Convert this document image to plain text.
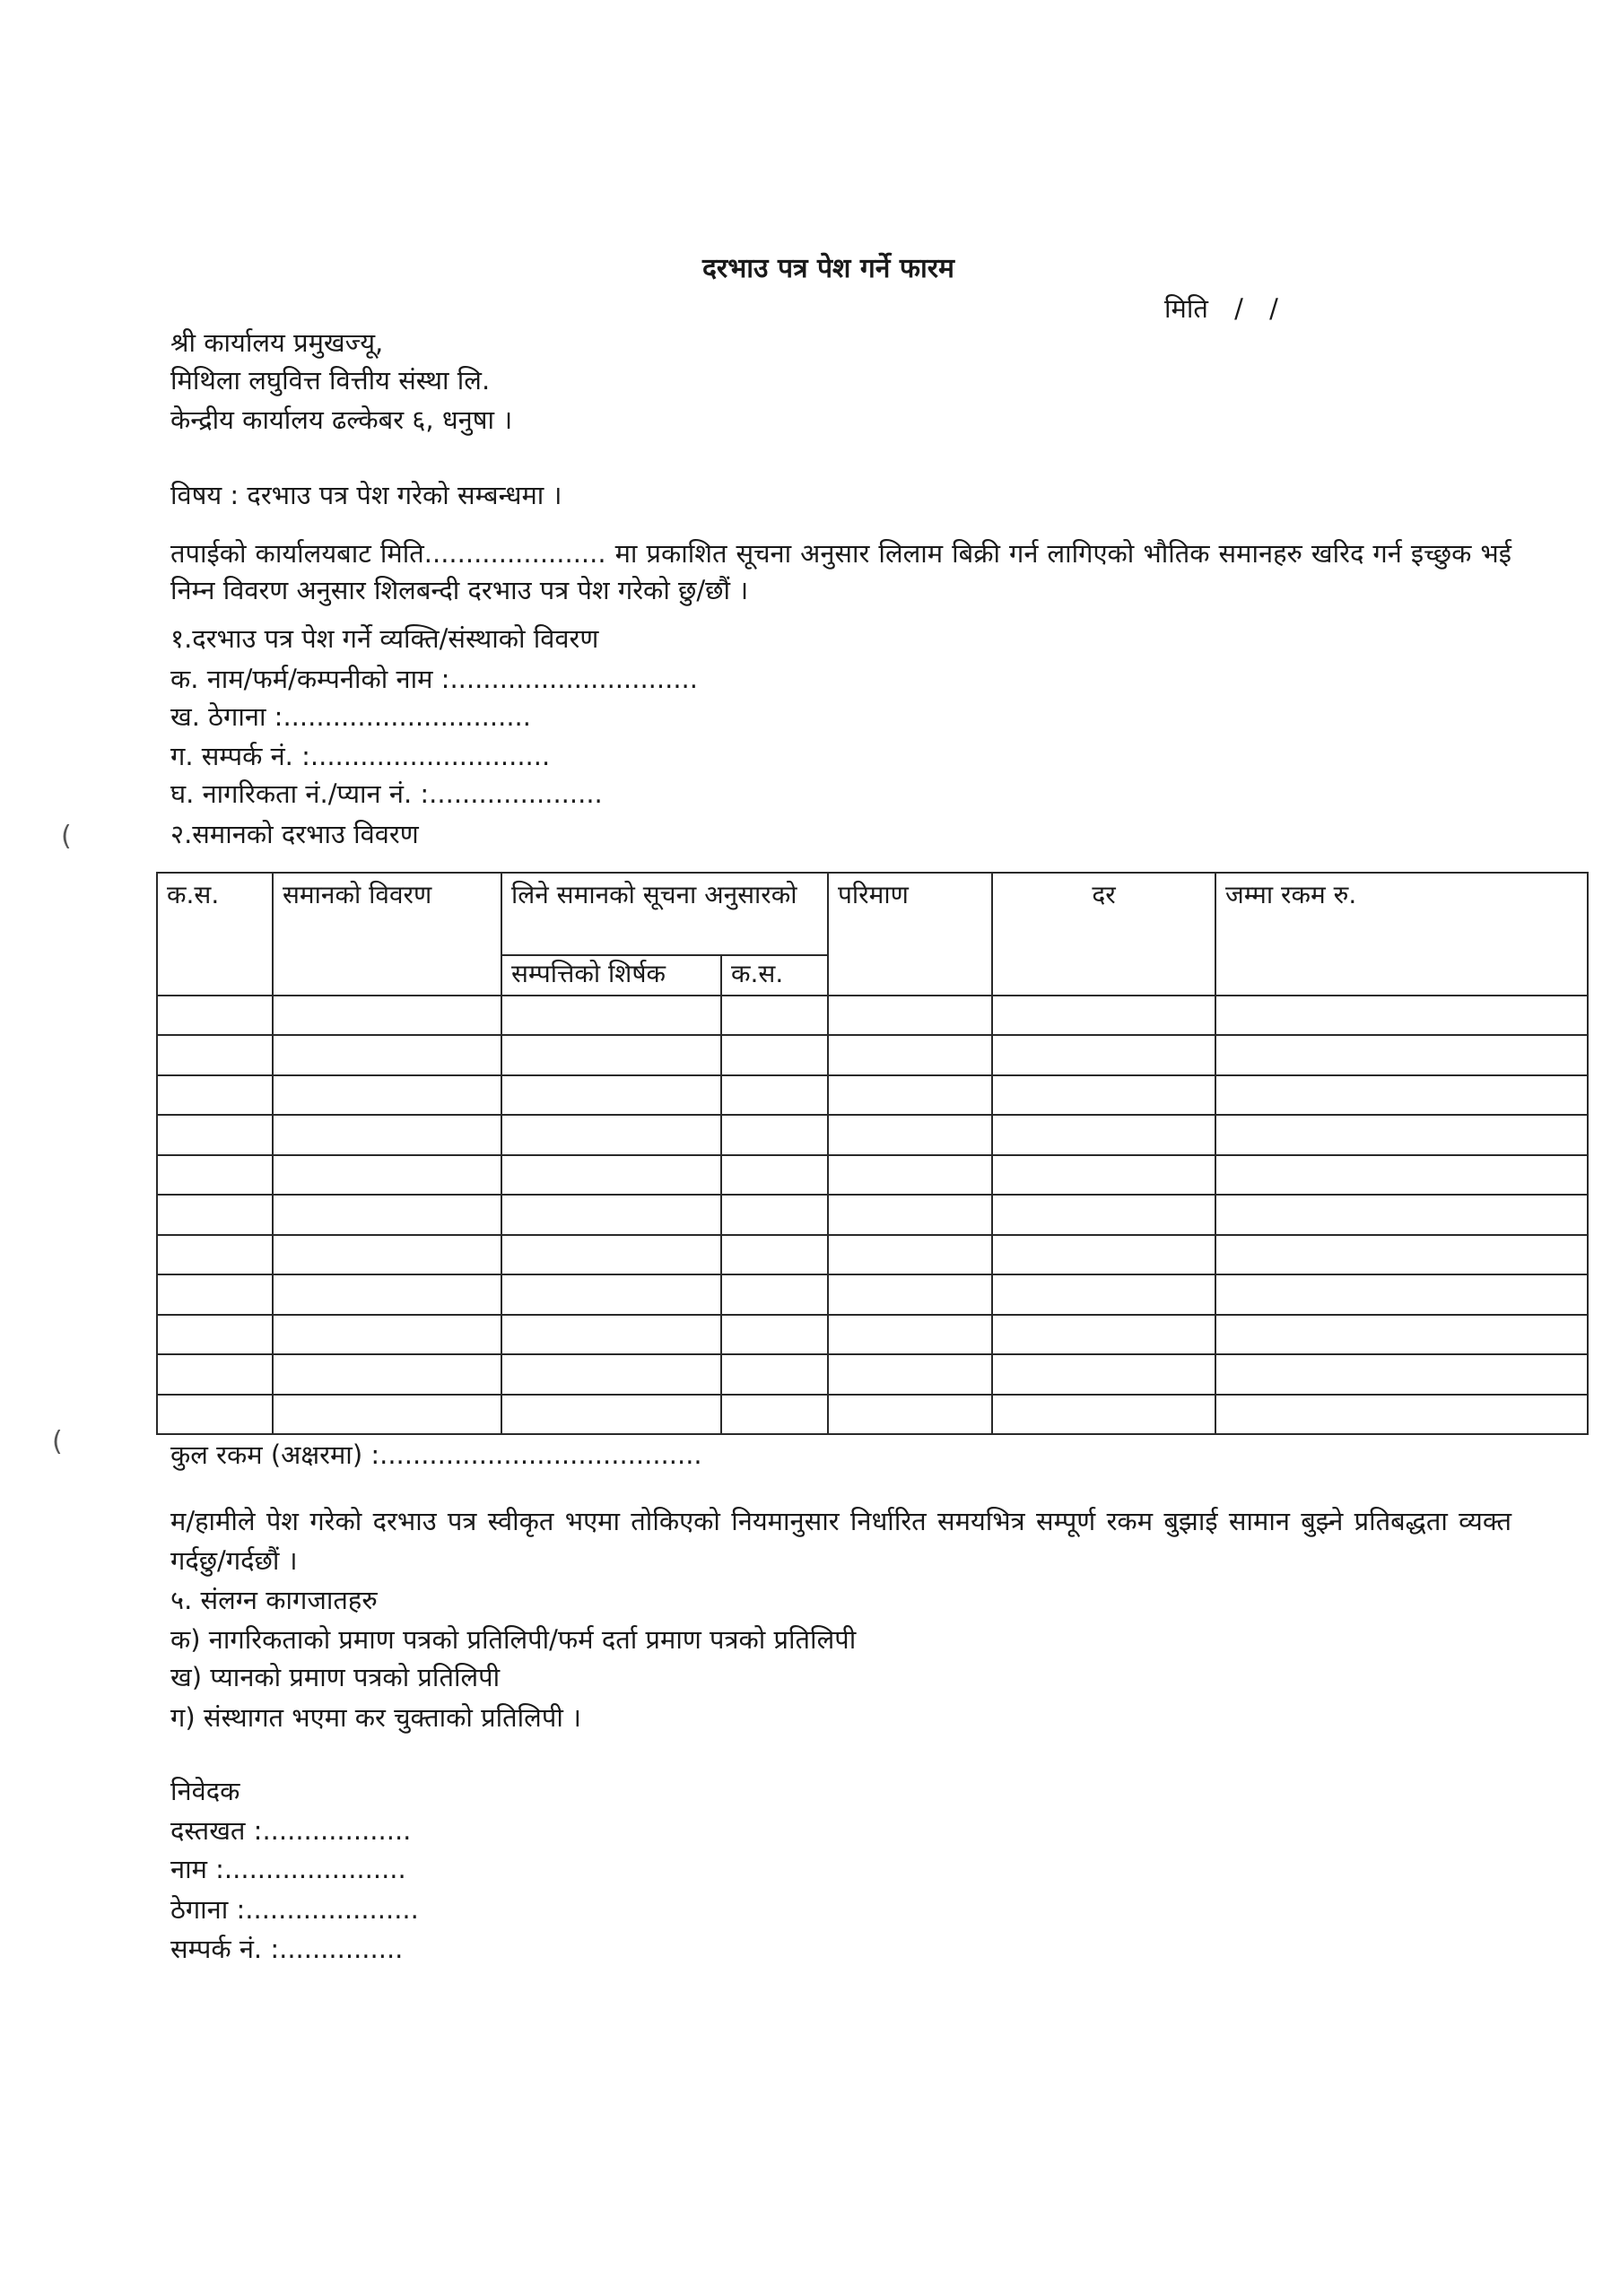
दरभाउ पत्र पेश गर्ने फारम
मिति / /
श्री कार्यालय प्रमुखज्यू,
मिथिला लघुवित्त वित्तीय संस्था लि.
केन्द्रीय कार्यालय ढल्केबर ६, धनुषा ।
विषय : दरभाउ पत्र पेश गरेको सम्बन्धमा ।
तपाईको कार्यालयबाट मिति...................... मा प्रकाशित सूचना अनुसार लिलाम बिक्री गर्न लागिएको भौतिक समानहरु खरिद गर्न इच्छुक भई निम्न विवरण अनुसार शिलबन्दी दरभाउ पत्र पेश गरेको छु/छौं ।
१.दरभाउ पत्र पेश गर्ने व्यक्ति/संस्थाको विवरण
क. नाम/फर्म/कम्पनीको नाम :..............................
ख. ठेगाना :..............................
ग. सम्पर्क नं. :.............................
घ. नागरिकता नं./प्यान नं. :.....................
२.समानको दरभाउ विवरण
क.स.	समानको विवरण	लिने समानको सूचना अनुसारको		परिमाण	दर	जम्मा रकम रु.
		सम्पत्तिको शिर्षक	क.स.			

कुल रकम (अक्षरमा) :.......................................
म/हामीले पेश गरेको दरभाउ पत्र स्वीकृत भएमा तोकिएको नियमानुसार निर्धारित समयभित्र सम्पूर्ण रकम बुझाई सामान बुझ्ने प्रतिबद्धता व्यक्त गर्दछु/गर्दछौं ।
५. संलग्न कागजातहरु
क) नागरिकताको प्रमाण पत्रको प्रतिलिपी/फर्म दर्ता प्रमाण पत्रको प्रतिलिपी
ख) प्यानको प्रमाण पत्रको प्रतिलिपी
ग) संस्थागत भएमा कर चुक्ताको प्रतिलिपी ।
निवेदक
दस्तखत :..................
नाम :......................
ठेगाना :.....................
सम्पर्क नं. :...............
(
(
